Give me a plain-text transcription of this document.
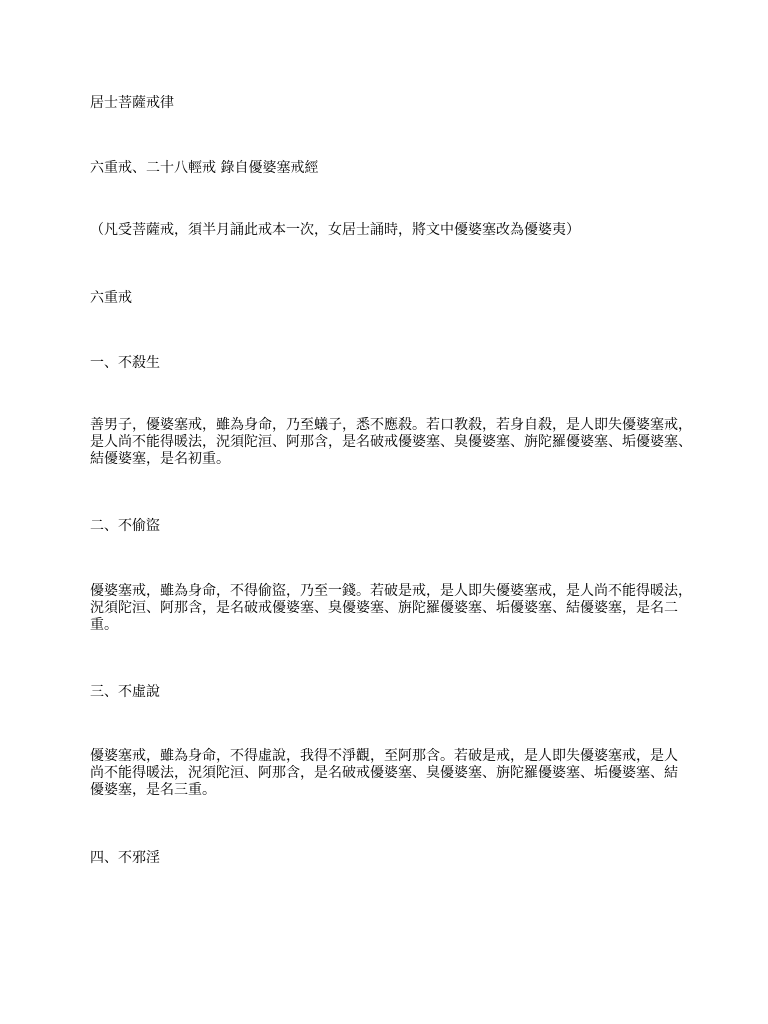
居士菩薩戒律

六重戒、二十八輕戒 錄自優婆塞戒經

（凡受菩薩戒，須半月誦此戒本一次，女居士誦時，將文中優婆塞改為優婆夷）

六重戒

一、不殺生

善男子，優婆塞戒，雖為身命，乃至蟻子，悉不應殺。若口教殺，若身自殺，是人即失優婆塞戒，
是人尚不能得暖法，況須陀洹、阿那含，是名破戒優婆塞、臭優婆塞、旃陀羅優婆塞、垢優婆塞、
結優婆塞，是名初重。

二、不偷盜

優婆塞戒，雖為身命，不得偷盜，乃至一錢。若破是戒，是人即失優婆塞戒，是人尚不能得暖法，
況須陀洹、阿那含，是名破戒優婆塞、臭優婆塞、旃陀羅優婆塞、垢優婆塞、結優婆塞，是名二
重。

三、不虛說

優婆塞戒，雖為身命，不得虛說，我得不淨觀，至阿那含。若破是戒，是人即失優婆塞戒，是人
尚不能得暖法，況須陀洹、阿那含，是名破戒優婆塞、臭優婆塞、旃陀羅優婆塞、垢優婆塞、結
優婆塞，是名三重。

四、不邪淫
